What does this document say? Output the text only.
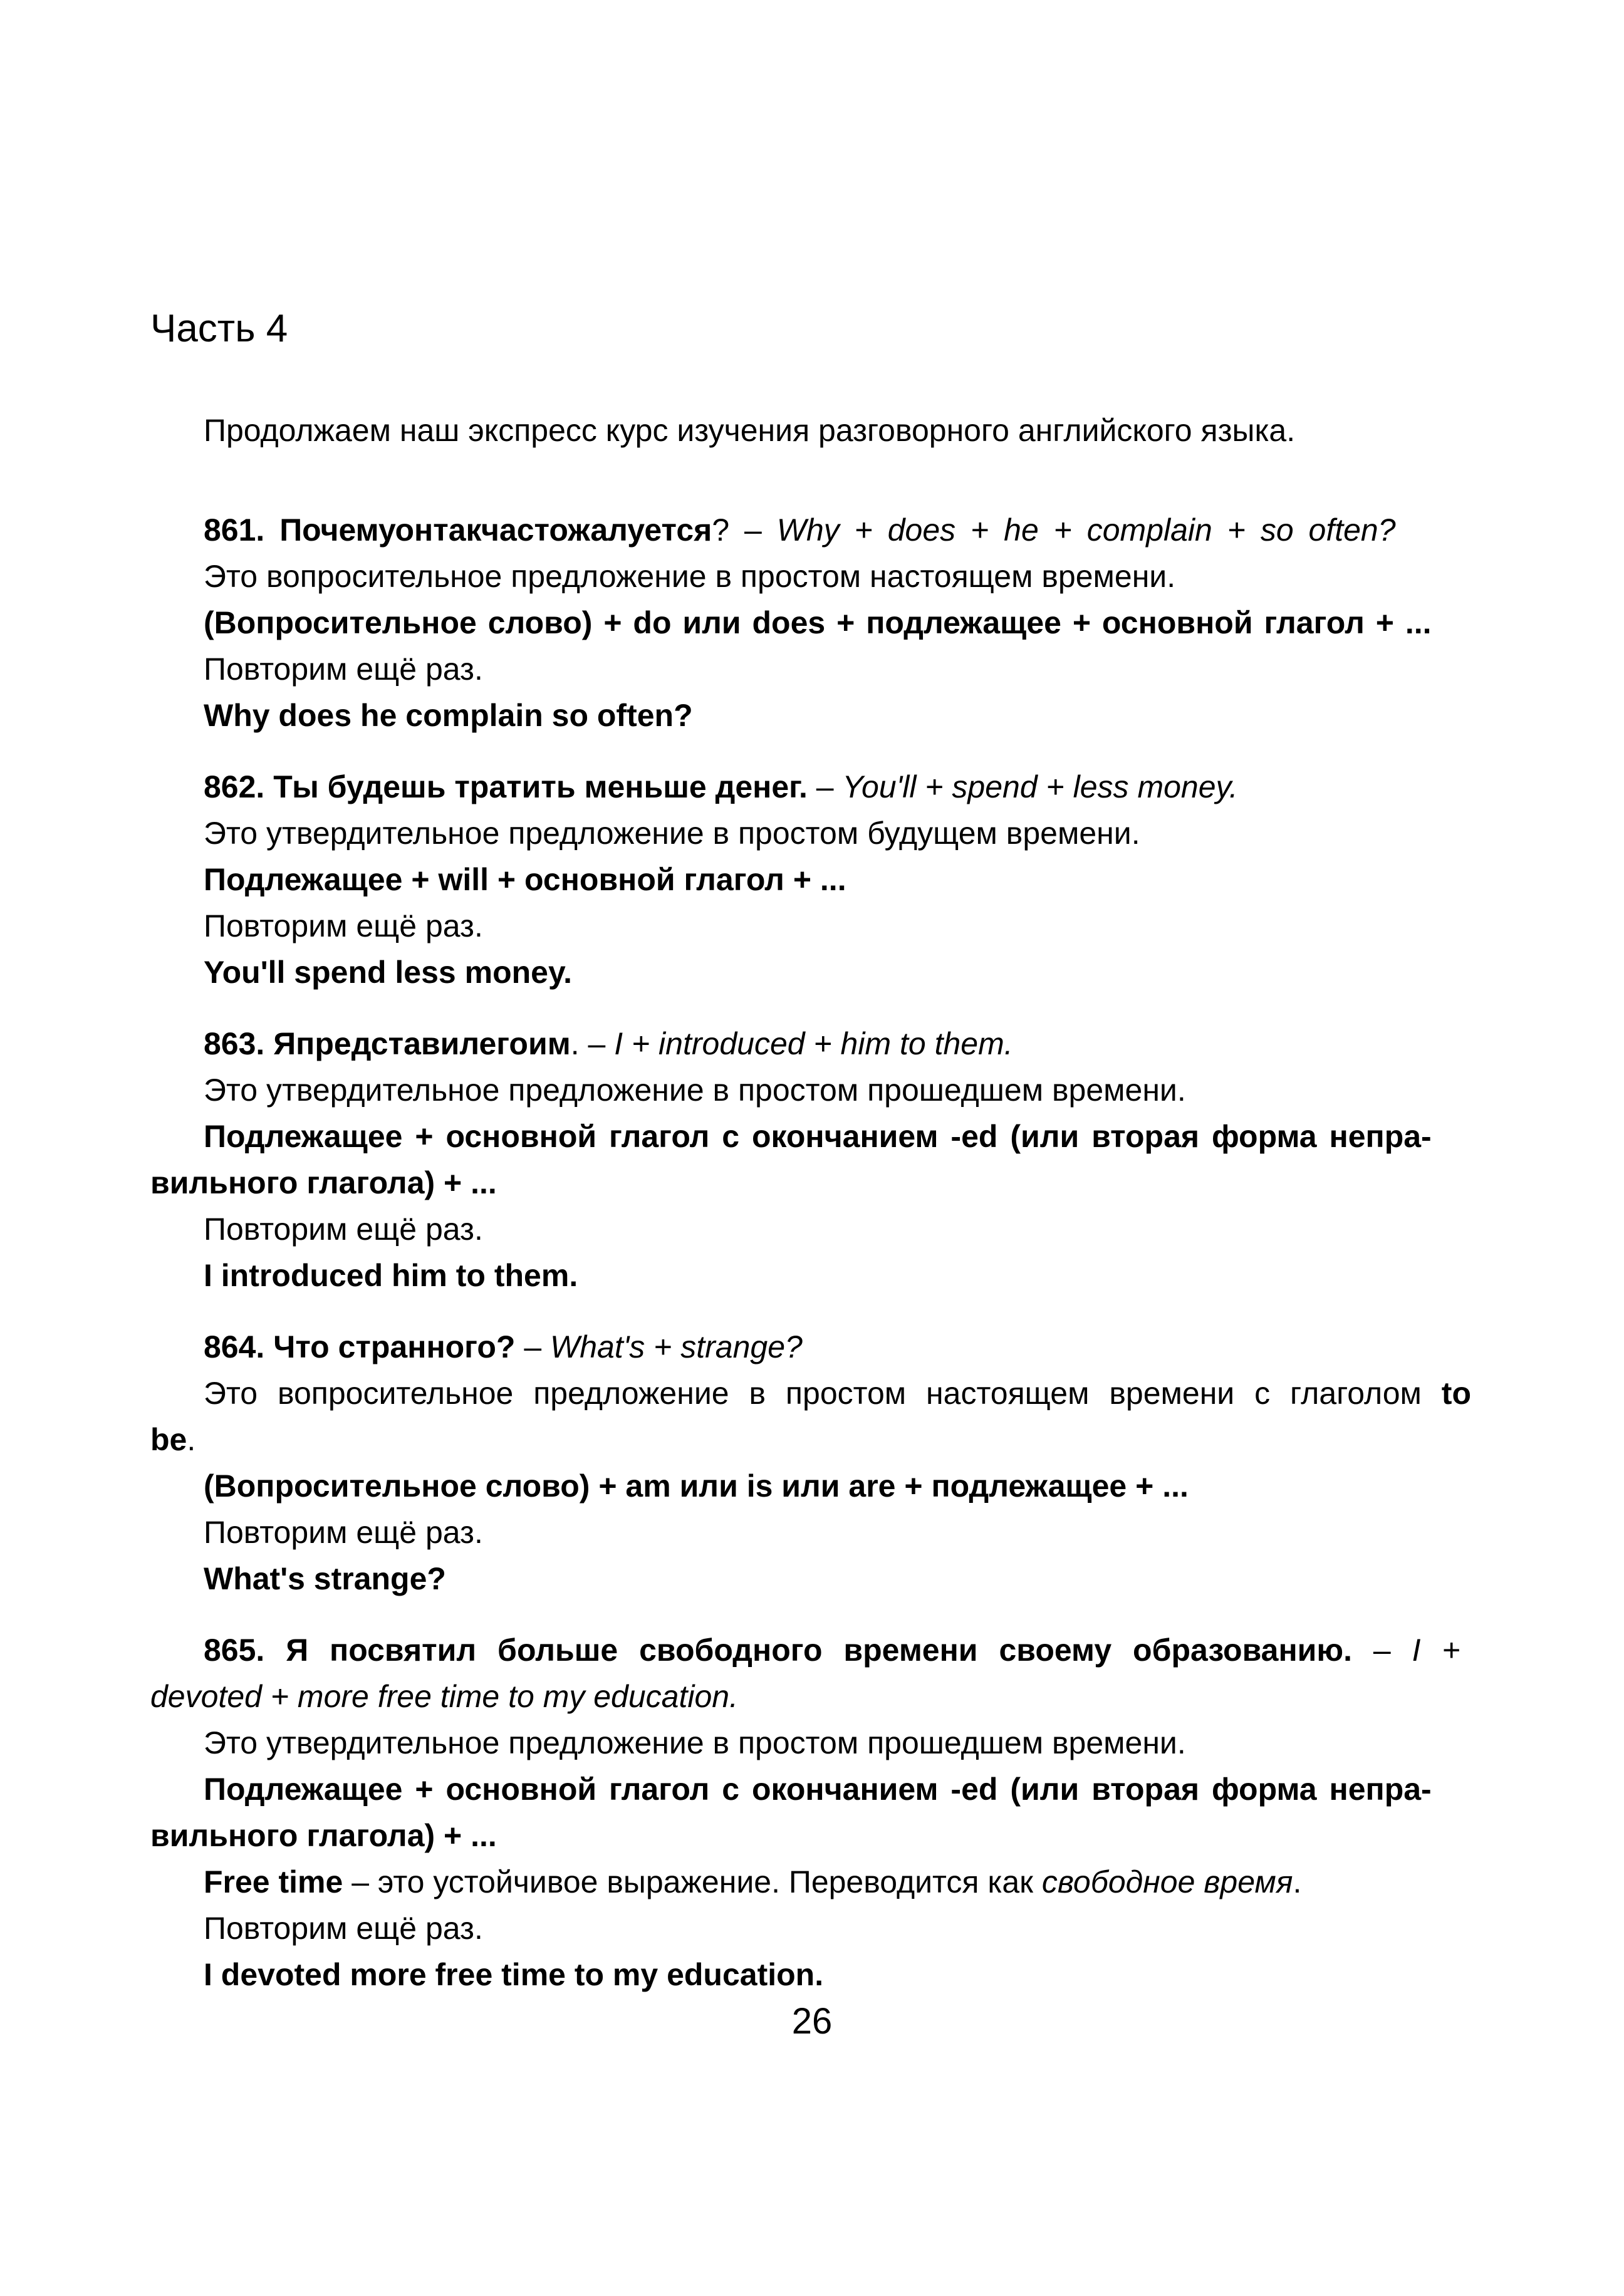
Часть 4

Продолжаем наш экспресс курс изучения разговорного английского языка.

861. Почемуонтакчастожалуется? – Why + does + he + complain + so often?

Это вопросительное предложение в простом настоящем времени.

(Вопросительное слово) + do или does + подлежащее + основной глагол + ...

Повторим ещё раз.

Why does he complain so often?

862. Ты будешь тратить меньше денег. – You'll + spend + less money.

Это утвердительное предложение в простом будущем времени.

Подлежащее + will + основной глагол + ...

Повторим ещё раз.

You'll spend less money.

863. Япредставилегоим. – I + introduced + him to them.

Это утвердительное предложение в простом прошедшем времени.

Подлежащее + основной глагол с окончанием -ed (или вторая форма непра-

вильного глагола) + ...

Повторим ещё раз.

I introduced him to them.

864. Что странного? – What's + strange?

Это вопросительное предложение в простом настоящем времени с глаголом to

be.

(Вопросительное слово) + am или is или are + подлежащее + ...

Повторим ещё раз.

What's strange?

865. Я посвятил больше свободного времени своему образованию. – I +

devoted + more free time to my education.

Это утвердительное предложение в простом прошедшем времени.

Подлежащее + основной глагол с окончанием -ed (или вторая форма непра-

вильного глагола) + ...

Free time – это устойчивое выражение. Переводится как свободное время.

Повторим ещё раз.

I devoted more free time to my education.

26
